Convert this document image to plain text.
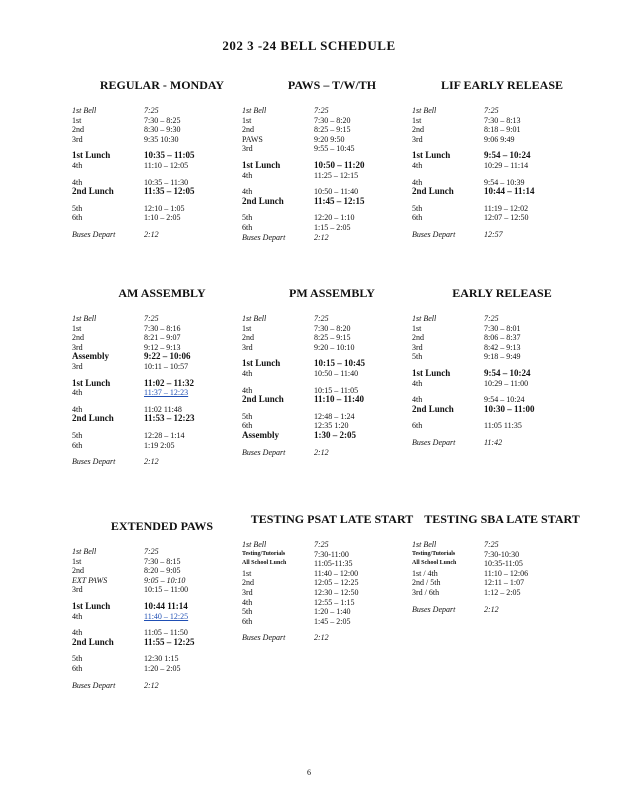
202 3 -24 BELL SCHEDULE
REGULAR - MONDAY
1st Bell	7:25
1st	7:30 – 8:25
2nd	8:30 – 9:30
3rd	9:35 10:30
1st Lunch	10:35 – 11:05
4th	11:10 – 12:05
4th	10:35 – 11:30
2nd Lunch	11:35 – 12:05
5th	12:10 – 1:05
6th	1:10 – 2:05
Buses Depart	2:12
PAWS – T/W/TH
1st Bell	7:25
1st	7:30 – 8:20
2nd	8:25 – 9:15
PAWS	9:20 9:50
3rd	9:55 – 10:45
1st Lunch	10:50 – 11:20
4th	11:25 – 12:15
4th	10:50 – 11:40
2nd Lunch	11:45 – 12:15
5th	12:20 – 1:10
6th	1:15 – 2:05
Buses Depart	2:12
LIF EARLY RELEASE
1st Bell	7:25
1st	7:30 – 8:13
2nd	8:18 – 9:01
3rd	9:06 9:49
1st Lunch	9:54 – 10:24
4th	10:29 – 11:14
4th	9:54 – 10:39
2nd Lunch	10:44 – 11:14
5th	11:19 – 12:02
6th	12:07 – 12:50
Buses Depart	12:57
AM ASSEMBLY
1st Bell	7:25
1st	7:30 – 8:16
2nd	8:21 – 9:07
3rd	9:12 – 9:13
Assembly	9:22 – 10:06
3rd	10:11 – 10:57
1st Lunch	11:02 – 11:32
4th	11:37 – 12:23
4th	11:02 11:48
2nd Lunch	11:53 – 12:23
5th	12:28 – 1:14
6th	1:19 2:05
Buses Depart	2:12
PM ASSEMBLY
1st Bell	7:25
1st	7:30 – 8:20
2nd	8:25 – 9:15
3rd	9:20 – 10:10
1st Lunch	10:15 – 10:45
4th	10:50 – 11:40
4th	10:15 – 11:05
2nd Lunch	11:10 – 11:40
5th	12:48 – 1:24
6th	12:35 1:20
Assembly	1:30 – 2:05
Buses Depart	2:12
EARLY RELEASE
1st Bell	7:25
1st	7:30 – 8:01
2nd	8:06 – 8:37
3rd	8:42 – 9:13
5th	9:18 – 9:49
1st Lunch	9:54 – 10:24
4th	10:29 – 11:00
4th	9:54 – 10:24
2nd Lunch	10:30 – 11:00
6th	11:05 11:35
Buses Depart	11:42
EXTENDED PAWS
1st Bell	7:25
1st	7:30 – 8:15
2nd	8:20 – 9:05
EXT PAWS	9:05 – 10:10
3rd	10:15 – 11:00
1st Lunch	10:44 11:14
4th	11:40 – 12:25
4th	11:05 – 11:50
2nd Lunch	11:55 – 12:25
5th	12:30 1:15
6th	1:20 – 2:05
Buses Depart	2:12
TESTING PSAT LATE START
1st Bell	7:25
Testing/Tutorials	7:30-11:00
All School Lunch	11:05-11:35
1st	11:40 – 12:00
2nd	12:05 – 12:25
3rd	12:30 – 12:50
4th	12:55 – 1:15
5th	1:20 – 1:40
6th	1:45 – 2:05
Buses Depart	2:12
TESTING SBA LATE START
1st Bell	7:25
Testing/Tutorials	7:30-10:30
All School Lunch	10:35-11:05
1st / 4th	11:10 – 12:06
2nd / 5th	12:11 – 1:07
3rd / 6th	1:12 – 2:05
Buses Depart	2:12
6
